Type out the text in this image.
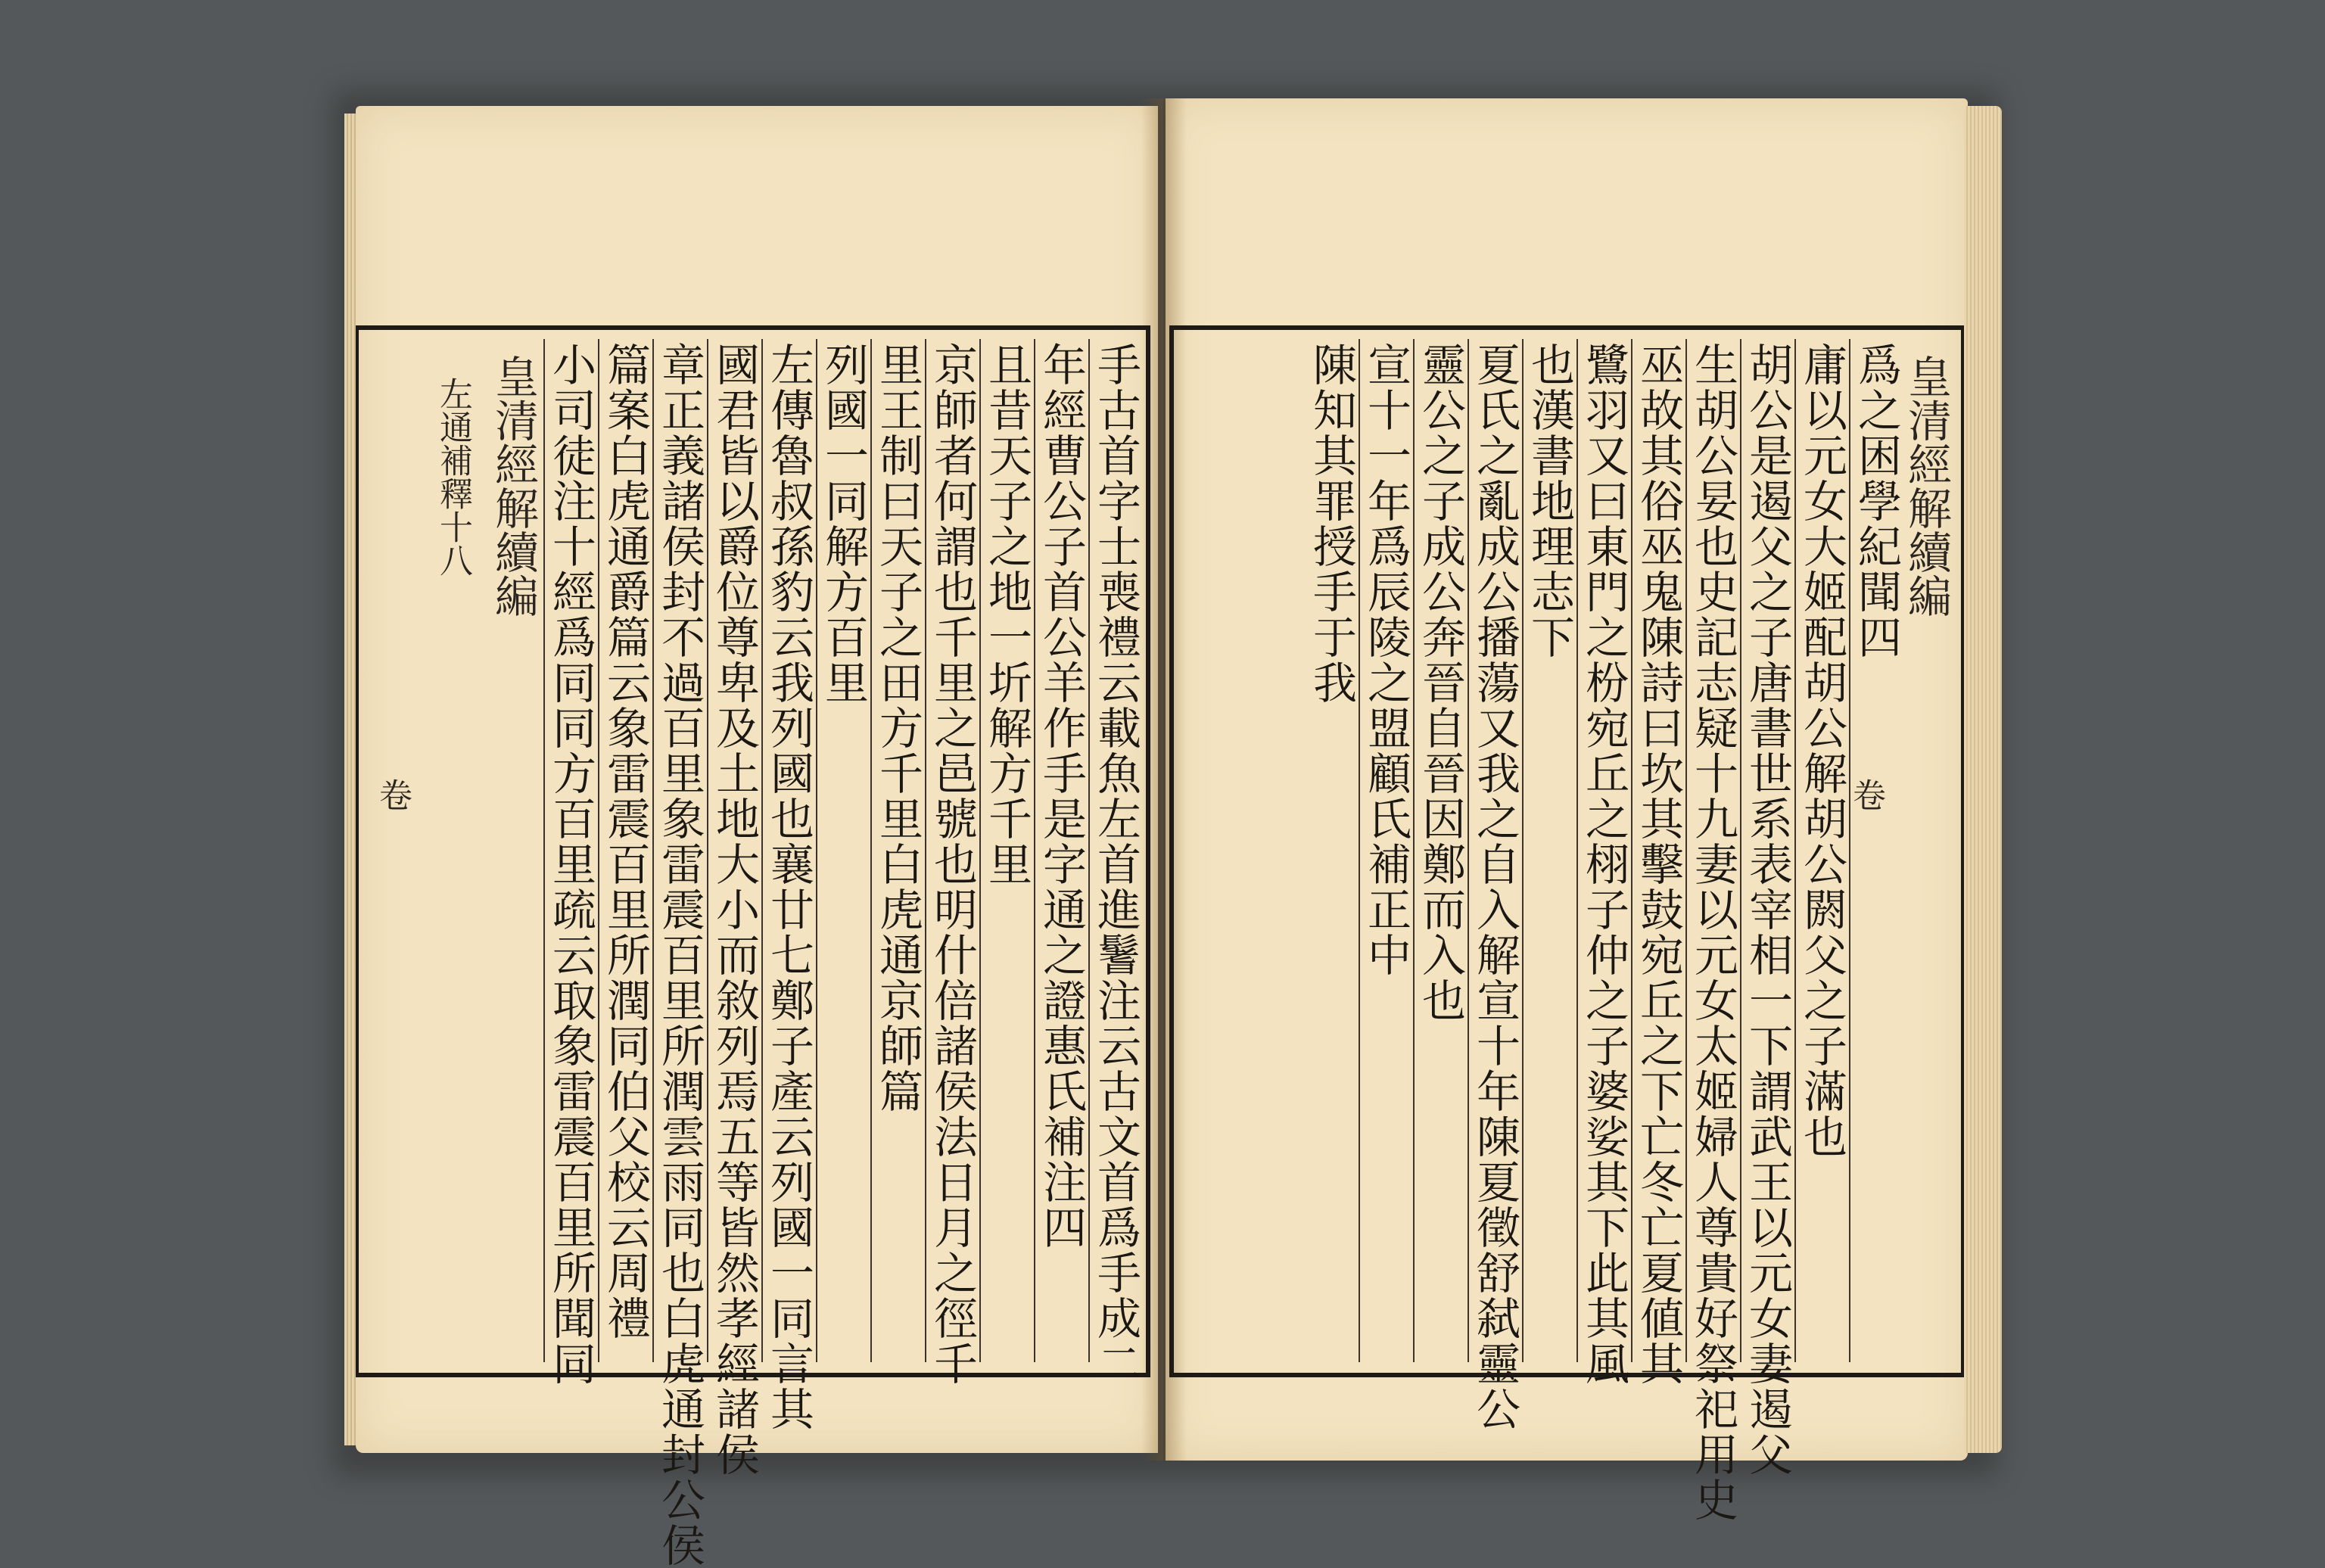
手古首字士喪禮云載魚左首進鬐注云古文首爲手成二
年經曹公子首公羊作手是字通之證惠氏補注四
且昔天子之地一圻解方千里
京師者何謂也千里之邑號也明什倍諸侯法日月之徑千
里王制曰天子之田方千里白虎通京師篇
列國一同解方百里
左傳魯叔孫豹云我列國也襄廿七鄭子產云列國一同言其
國君皆以爵位尊卑及土地大小而敘列焉五等皆然孝經諸侯
章正義諸侯封不過百里象雷震百里所潤雲雨同也白虎通封公侯
篇案白虎通爵篇云象雷震百里所潤同伯父校云周禮
小司徒注十經爲同同方百里疏云取象雷震百里所聞同
皇清經解續編
左通補釋十八
卷
皇清經解續編
卷
爲之困學紀聞四
庸以元女大姬配胡公解胡公閼父之子滿也
胡公是遏父之子唐書世系表宰相一下謂武王以元女妻遏父
生胡公妟也史記志疑十九妻以元女太姬婦人尊貴好祭祀用史
巫故其俗巫鬼陳詩曰坎其擊鼓宛丘之下亡冬亡夏値其
鷺羽又曰東門之枌宛丘之栩子仲之子婆娑其下此其風
也漢書地理志下
夏氏之亂成公播蕩又我之自入解宣十年陳夏徵舒弑靈公
靈公之子成公奔晉自晉因鄭而入也
宣十一年爲辰陵之盟顧氏補正中
陳知其罪授手于我
